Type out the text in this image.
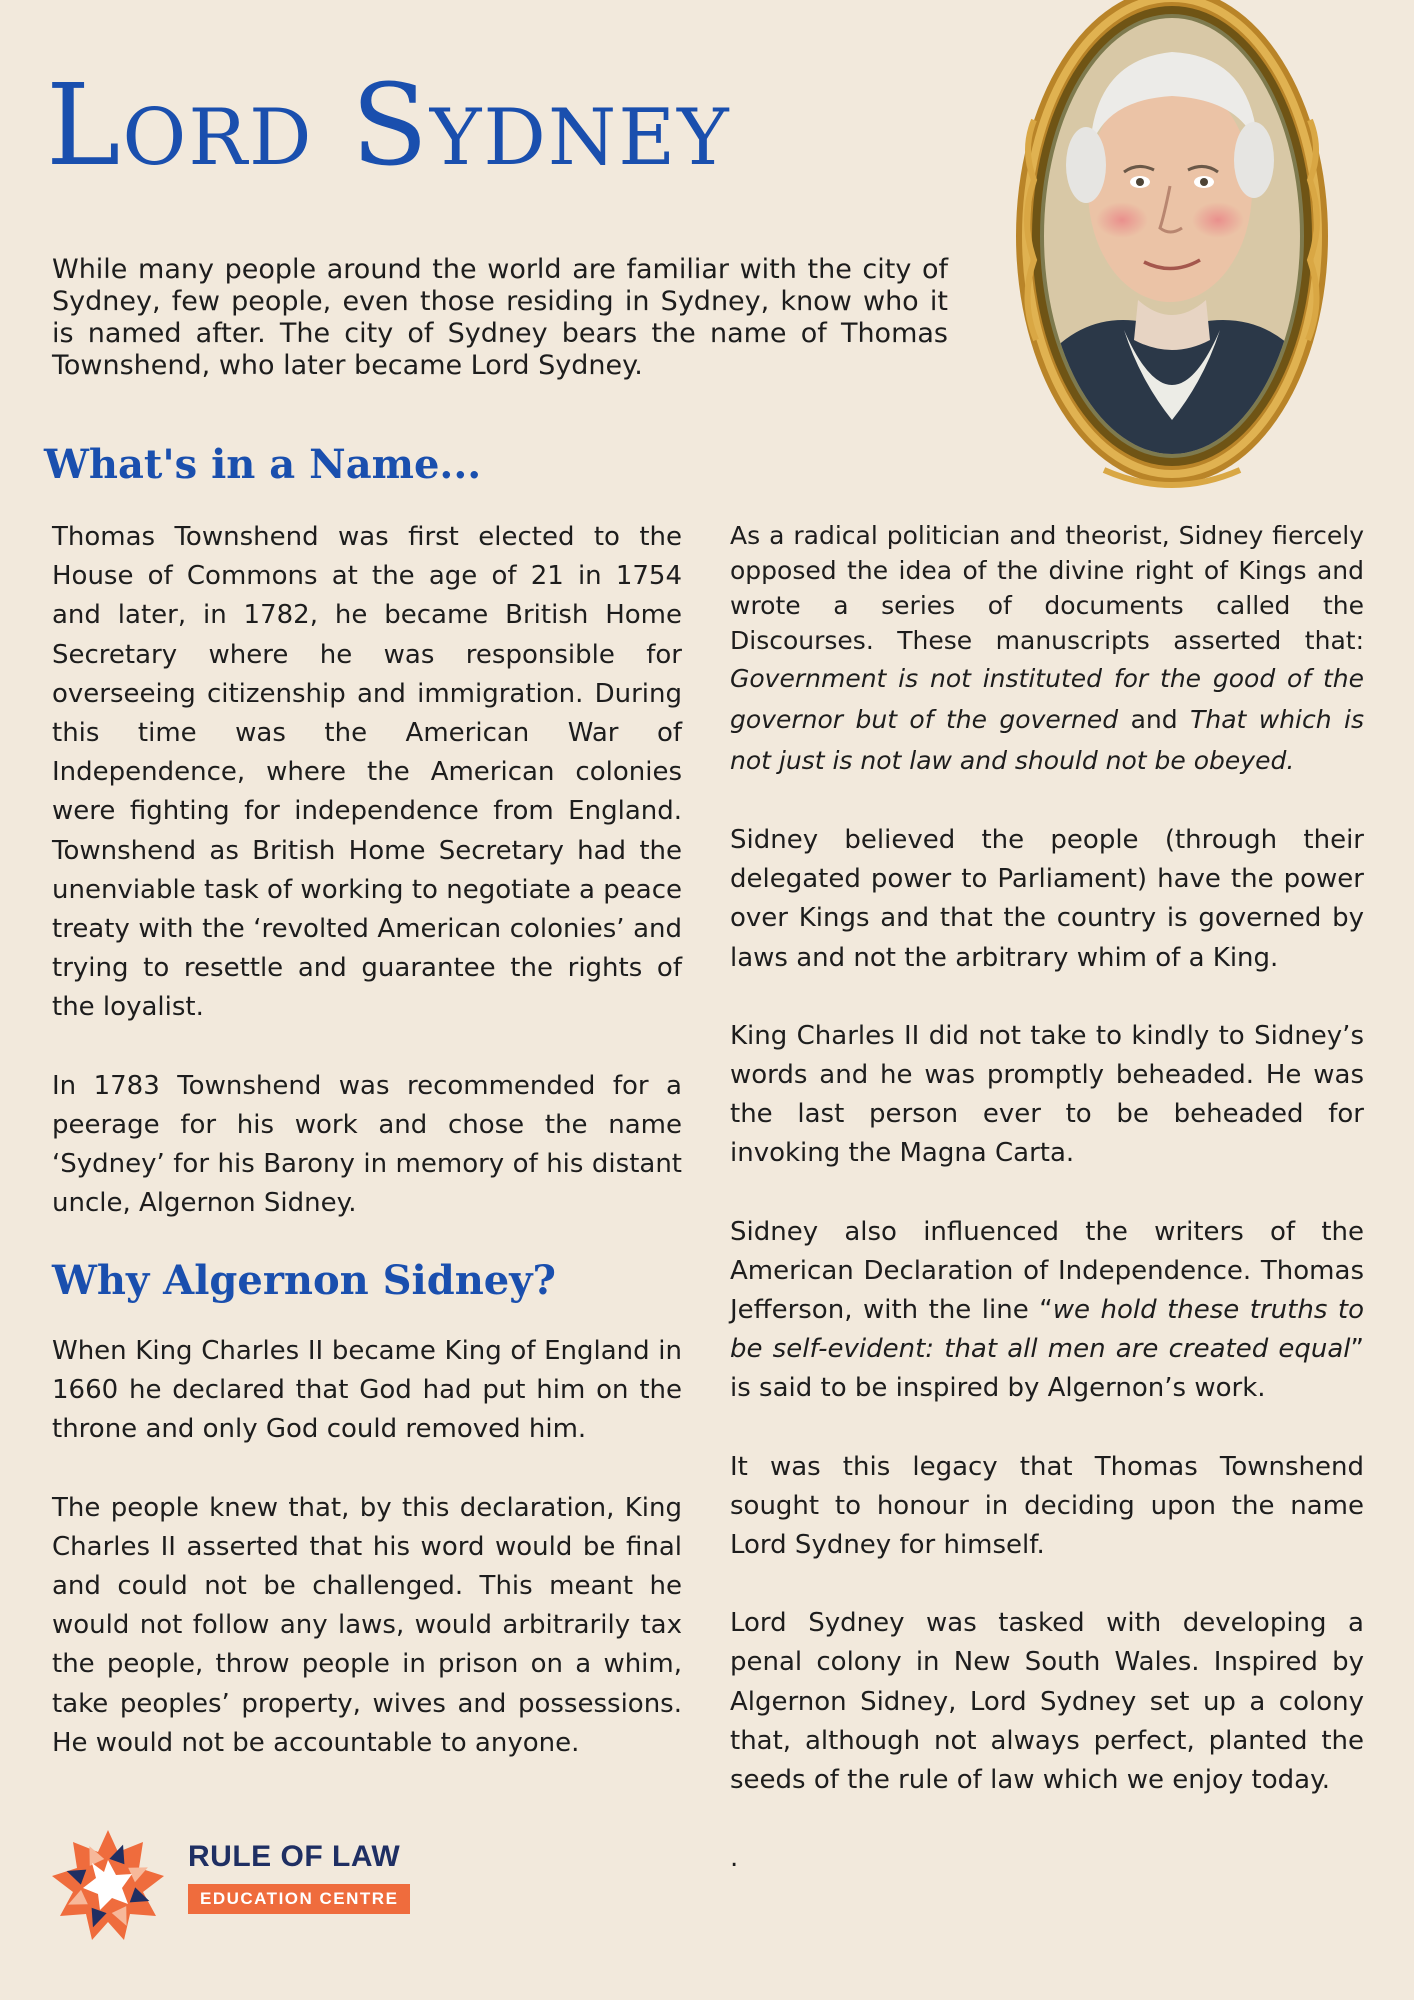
Lord Sydney

While many people around the world are familiar with the city of Sydney, few people, even those residing in Sydney, know who it is named after. The city of Sydney bears the name of Thomas Townshend, who later became Lord Sydney.

What's in a Name...

Thomas Townshend was first elected to the House of Commons at the age of 21 in 1754 and later, in 1782, he became British Home Secretary where he was responsible for overseeing citizenship and immigration. During this time was the American War of Independence, where the American colonies were fighting for independence from England. Townshend as British Home Secretary had the unenviable task of working to negotiate a peace treaty with the ‘revolted American colonies’ and trying to resettle and guarantee the rights of the loyalist.

In 1783 Townshend was recommended for a peerage for his work and chose the name ‘Sydney’ for his Barony in memory of his distant uncle, Algernon Sidney.

Why Algernon Sidney?

When King Charles II became King of England in 1660 he declared that God had put him on the throne and only God could removed him.

The people knew that, by this declaration, King Charles II asserted that his word would be final and could not be challenged. This meant he would not follow any laws, would arbitrarily tax the people, throw people in prison on a whim, take peoples’ property, wives and possessions. He would not be accountable to anyone.

As a radical politician and theorist, Sidney fiercely opposed the idea of the divine right of Kings and wrote a series of documents called the Discourses. These manuscripts asserted that: Government is not instituted for the good of the governor but of the governed and That which is not just is not law and should not be obeyed.

Sidney believed the people (through their delegated power to Parliament) have the power over Kings and that the country is governed by laws and not the arbitrary whim of a King.

King Charles II did not take to kindly to Sidney’s words and he was promptly beheaded. He was the last person ever to be beheaded for invoking the Magna Carta.

Sidney also influenced the writers of the American Declaration of Independence. Thomas Jefferson, with the line “we hold these truths to be self-evident: that all men are created equal” is said to be inspired by Algernon’s work.

It was this legacy that Thomas Townshend sought to honour in deciding upon the name Lord Sydney for himself.

Lord Sydney was tasked with developing a penal colony in New South Wales. Inspired by Algernon Sidney, Lord Sydney set up a colony that, although not always perfect, planted the seeds of the rule of law which we enjoy today.

.
RULE OF LAW
EDUCATION CENTRE
